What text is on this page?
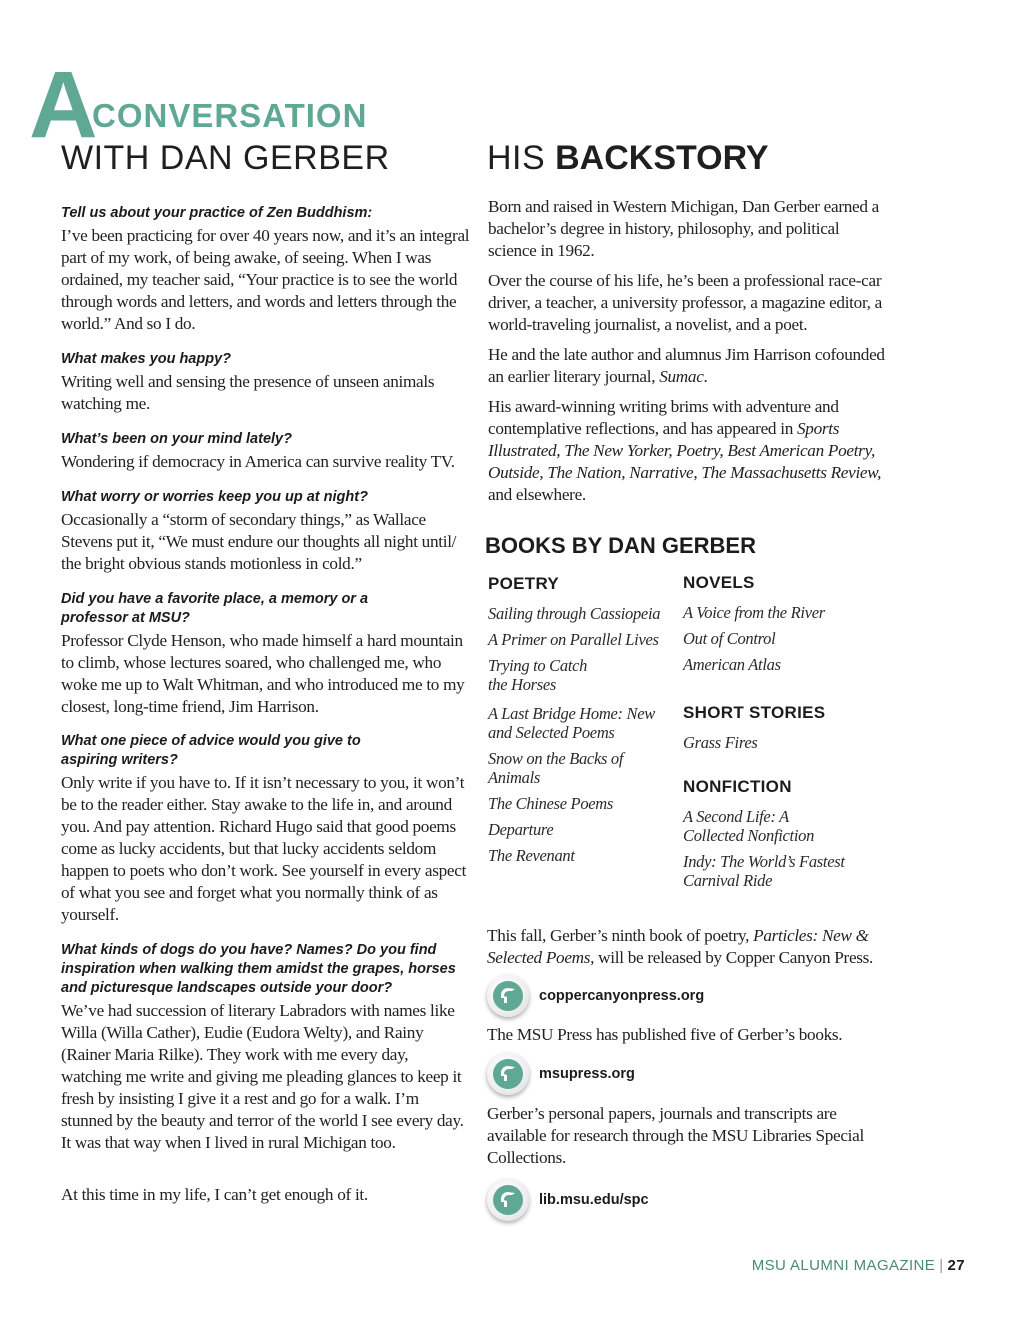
A
CONVERSATION
WITH DAN GERBER
Tell us about your practice of Zen Buddhism:
I’ve been practicing for over 40 years now, and it’s an integral part of my work, of being awake, of seeing. When I was ordained, my teacher said, “Your practice is to see the world through words and letters, and words and letters through the world.” And so I do.
What makes you happy?
Writing well and sensing the presence of unseen animals watching me.
What’s been on your mind lately?
Wondering if democracy in America can survive reality TV.
What worry or worries keep you up at night?
Occasionally a “storm of secondary things,” as Wallace Stevens put it, “We must endure our thoughts all night until/ the bright obvious stands motionless in cold.”
Did you have a favorite place, a memory or a professor at MSU?
Professor Clyde Henson, who made himself a hard mountain to climb, whose lectures soared, who challenged me, who woke me up to Walt Whitman, and who introduced me to my closest, long-time friend, Jim Harrison.
What one piece of advice would you give to aspiring writers?
Only write if you have to. If it isn’t necessary to you, it won’t be to the reader either. Stay awake to the life in, and around you. And pay attention. Richard Hugo said that good poems come as lucky accidents, but that lucky accidents seldom happen to poets who don’t work. See yourself in every aspect of what you see and forget what you normally think of as yourself.
What kinds of dogs do you have? Names? Do you find inspiration when walking them amidst the grapes, horses and picturesque landscapes outside your door?
We’ve had succession of literary Labradors with names like Willa (Willa Cather), Eudie (Eudora Welty), and Rainy (Rainer Maria Rilke). They work with me every day, watching me write and giving me pleading glances to keep it fresh by insisting I give it a rest and go for a walk. I’m stunned by the beauty and terror of the world I see every day. It was that way when I lived in rural Michigan too.
At this time in my life, I can’t get enough of it.
HIS BACKSTORY
Born and raised in Western Michigan, Dan Gerber earned a bachelor’s degree in history, philosophy, and political science in 1962.
Over the course of his life, he’s been a professional race-car driver, a teacher, a university professor, a magazine editor, a world-traveling journalist, a novelist, and a poet.
He and the late author and alumnus Jim Harrison cofounded an earlier literary journal, Sumac.
His award-winning writing brims with adventure and contemplative reflections, and has appeared in Sports Illustrated, The New Yorker, Poetry, Best American Poetry, Outside, The Nation, Narrative, The Massachusetts Review, and elsewhere.
BOOKS BY DAN GERBER
POETRY
Sailing through Cassiopeia
A Primer on Parallel Lives
Trying to Catch the Horses
A Last Bridge Home: New and Selected Poems
Snow on the Backs of Animals
The Chinese Poems
Departure
The Revenant
NOVELS
A Voice from the River
Out of Control
American Atlas
SHORT STORIES
Grass Fires
NONFICTION
A Second Life: A Collected Nonfiction
Indy: The World’s Fastest Carnival Ride
This fall, Gerber’s ninth book of poetry, Particles: New & Selected Poems, will be released by Copper Canyon Press.
coppercanyonpress.org
The MSU Press has published five of Gerber’s books.
msupress.org
Gerber’s personal papers, journals and transcripts are available for research through the MSU Libraries Special Collections.
lib.msu.edu/spc
MSU ALUMNI MAGAZINE | 27
